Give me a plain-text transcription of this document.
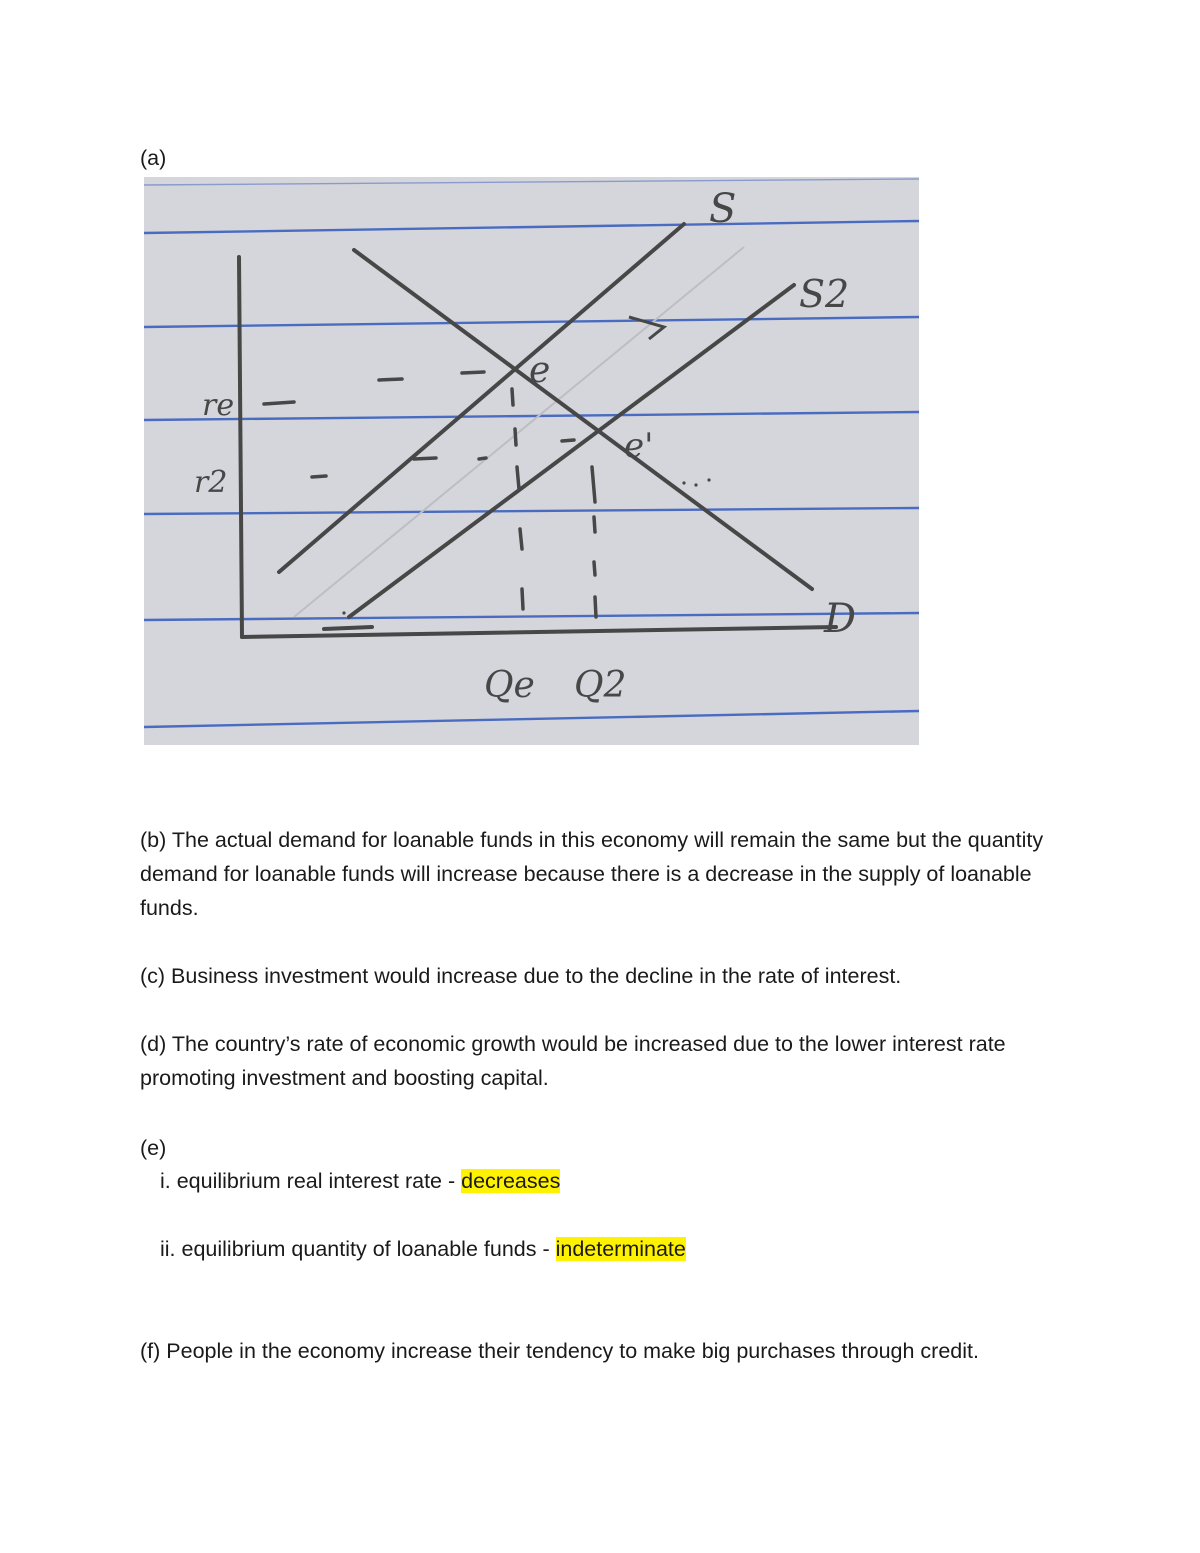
(a)
S
S2
D
e
e'
re
r2
Qe Q2
(b) The actual demand for loanable funds in this economy will remain the same but the quantity demand for loanable funds will increase because there is a decrease in the supply of loanable funds.
(c) Business investment would increase due to the decline in the rate of interest.
(d) The country’s rate of economic growth would be increased due to the lower interest rate promoting investment and boosting capital.
(e)
i. equilibrium real interest rate - decreases
ii. equilibrium quantity of loanable funds - indeterminate
(f) People in the economy increase their tendency to make big purchases through credit.
